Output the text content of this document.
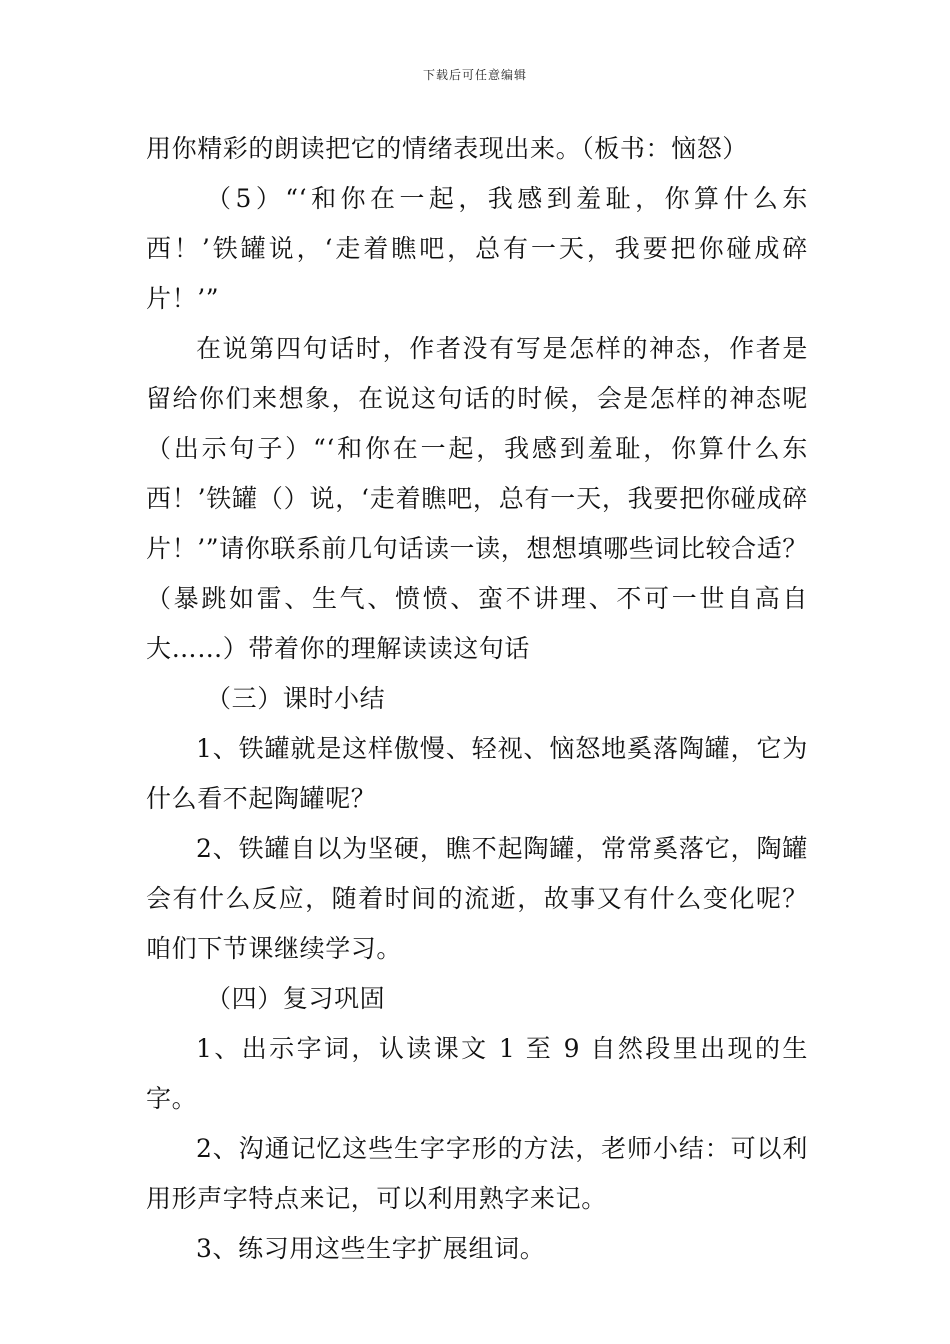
下载后可任意编辑

用你精彩的朗读把它的情绪表现出来。（板书：恼怒）

（5）“‘和你在一起，我感到羞耻，你算什么东西！’铁罐说，‘走着瞧吧，总有一天，我要把你碰成碎片！’”

在说第四句话时，作者没有写是怎样的神态，作者是留给你们来想象，在说这句话的时候，会是怎样的神态呢（出示句子）“‘和你在一起，我感到羞耻，你算什么东西！’铁罐（）说，‘走着瞧吧，总有一天，我要把你碰成碎片！’”请你联系前几句话读一读，想想填哪些词比较合适？（暴跳如雷、生气、愤愤、蛮不讲理、不可一世自高自大……）带着你的理解读读这句话

（三）课时小结

1、铁罐就是这样傲慢、轻视、恼怒地奚落陶罐，它为什么看不起陶罐呢？

2、铁罐自以为坚硬，瞧不起陶罐，常常奚落它，陶罐会有什么反应，随着时间的流逝，故事又有什么变化呢？咱们下节课继续学习。

（四）复习巩固

1、出示字词，认读课文 1 至 9 自然段里出现的生字。

2、沟通记忆这些生字字形的方法，老师小结：可以利用形声字特点来记，可以利用熟字来记。

3、练习用这些生字扩展组词。
